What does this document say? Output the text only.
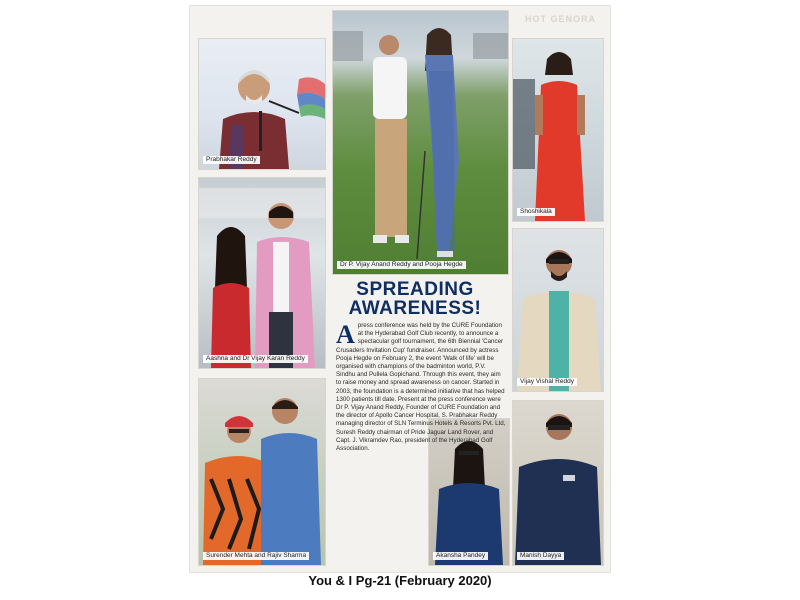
HOT GENORA
Prabhakar Reddy
Dr P. Vijay Anand Reddy and Pooja Hegde
Shoshikala
Aashna and Dr Vijay Karan Reddy
Vijay Vishal Reddy
Surender Mehta and Rajiv Sharma	Akansha Pandey	Manish Dayya
SPREADING
AWARENESS!
A press conference was held by the CURE Foundation at the Hyderabad Golf Club recently, to announce a spectacular golf tournament, the 6th Biennial 'Cancer Crusaders Invitation Cup' fundraiser. Announced by actress Pooja Hegde on February 2, the event 'Walk of life' will be organised with champions of the badminton world, P.V. Sindhu and Pullela Gopichand. Through this event, they aim to raise money and spread awareness on cancer. Started in 2003, the foundation is a determined initiative that has helped 1300 patients till date. Present at the press conference were Dr P. Vijay Anand Reddy, Founder of CURE Foundation and the director of Apollo Cancer Hospital, S. Prabhakar Reddy managing director of SLN Terminus Hotels & Resorts Pvt. Ltd, Suresh Reddy chairman of Pride Jaguar Land Rover, and Capt. J. Vikramdev Rao, president of the Hyderabad Golf Association.
You & I Pg-21 (February 2020)
